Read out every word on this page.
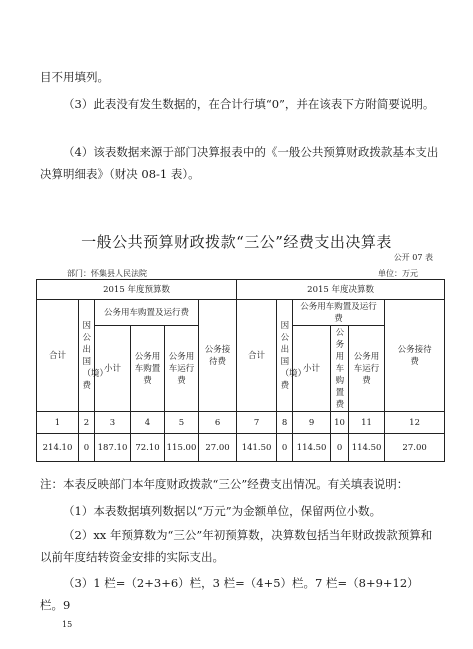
目不用填列。

（3）此表没有发生数据的，在合计行填“0”，并在该表下方附简要说明。

（4）该表数据来源于部门决算报表中的《一般公共预算财政拨款基本支出决算明细表》（财决 08-1 表）。

一般公共预算财政拨款“三公”经费支出决算表
公开 07 表
部门：怀集县人民法院	单位：万元
2015 年度预算数						2015 年度决算数					
合计	因公出国（境）费	公务用车购置及运行费			公务接待费	合计	因公出国（境）费	公务用车购置及运行费			公务接待费

		小计	公务用车购置费	公务用车运行费				小计	公务用车购置费	公务用车运行费	

1	2	3	4	5	6	7	8	9	10	11	12
214.10	0	187.10	72.10	115.00	27.00	141.50	0	114.50	0	114.50	27.00

注：本表反映部门本年度财政拨款“三公”经费支出情况。有关填表说明：

（1）本表数据填列数据以“万元”为金额单位，保留两位小数。

（2）xx 年预算数为“三公”年初预算数，决算数包括当年财政拨款预算和以前年度结转资金安排的实际支出。

（3）1 栏=（2+3+6）栏，3 栏=（4+5）栏。7 栏=（8+9+12）栏。9

15
